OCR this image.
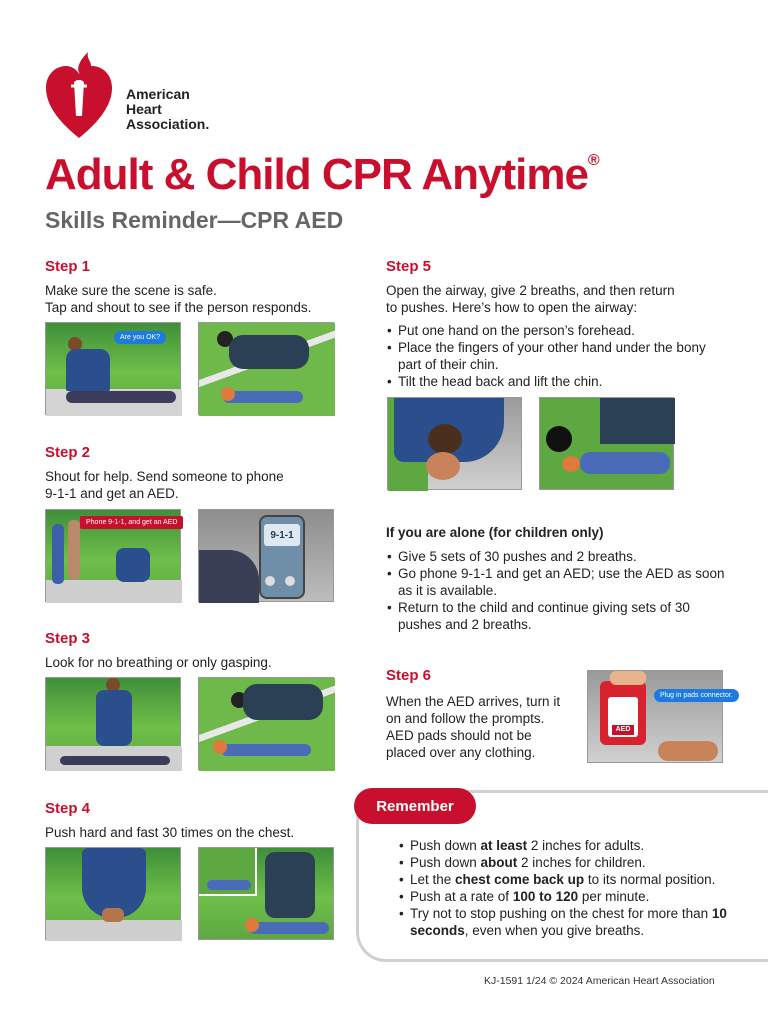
American
Heart
Association.
Adult & Child CPR Anytime®
Skills Reminder—CPR AED
Step 1
Make sure the scene is safe.
Tap and shout to see if the person responds.
Are you OK?
Step 2
Shout for help. Send someone to phone
9-1-1 and get an AED.
Phone 9-1-1, and get an AED
9-1-1
Step 3
Look for no breathing or only gasping.
Step 4
Push hard and fast 30 times on the chest.
Step 5
Open the airway, give 2 breaths, and then return
to pushes. Here’s how to open the airway:
• Put one hand on the person’s forehead.
• Place the fingers of your other hand under the bony part of their chin.
• Tilt the head back and lift the chin.
If you are alone (for children only)
• Give 5 sets of 30 pushes and 2 breaths.
• Go phone 9-1-1 and get an AED; use the AED as soon as it is available.
• Return to the child and continue giving sets of 30 pushes and 2 breaths.
Step 6
When the AED arrives, turn it
on and follow the prompts.
AED pads should not be
placed over any clothing.
AED
Plug in pads connector.
Remember
• Push down at least 2 inches for adults.
• Push down about 2 inches for children.
• Let the chest come back up to its normal position.
• Push at a rate of 100 to 120 per minute.
• Try not to stop pushing on the chest for more than 10 seconds, even when you give breaths.
KJ-1591 1/24 © 2024 American Heart Association
